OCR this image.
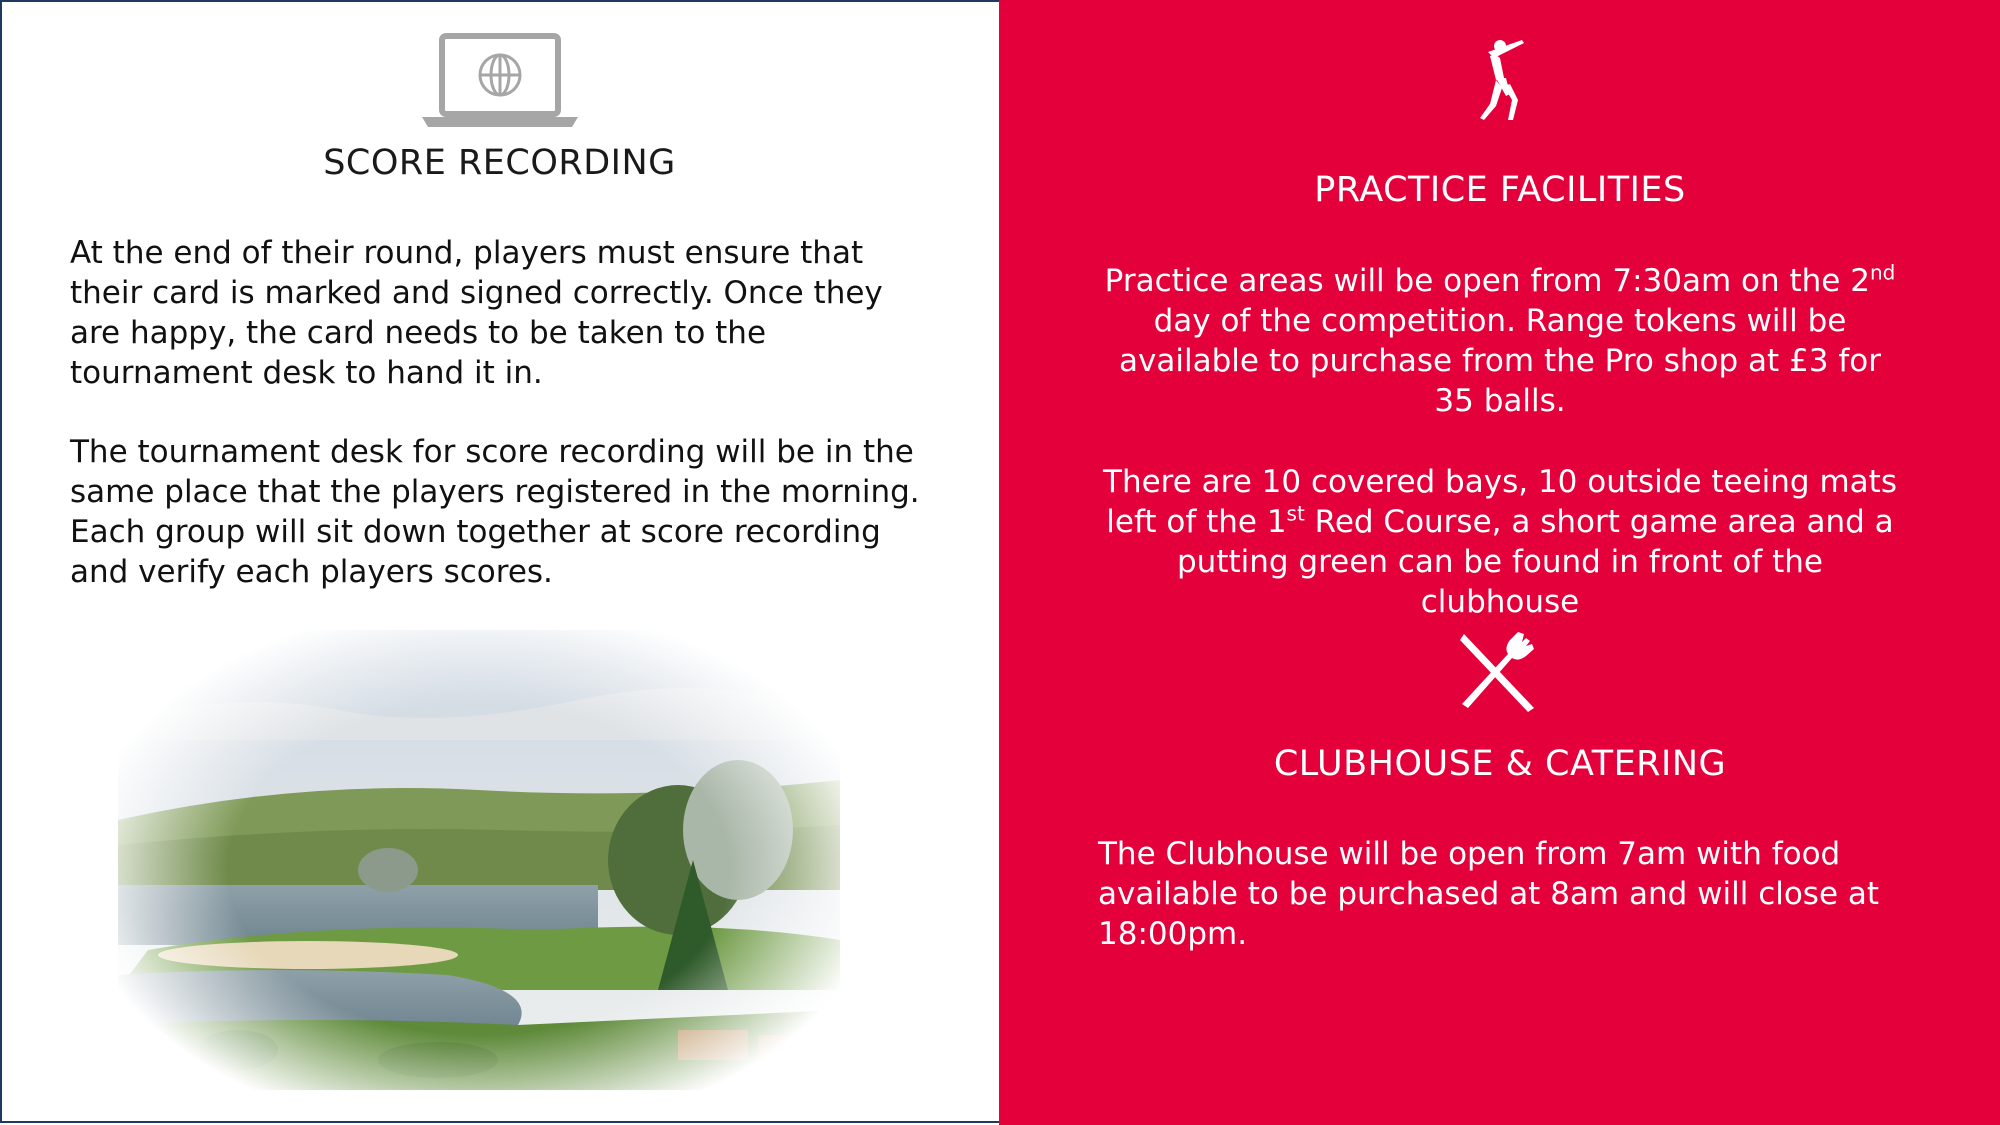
SCORE RECORDING

At the end of their round, players must ensure that their card is marked and signed correctly. Once they are happy, the card needs to be taken to the tournament desk to hand it in.

The tournament desk for score recording will be in the same place that the players registered in the morning. Each group will sit down together at score recording and verify each players scores.

PRACTICE FACILITIES

Practice areas will be open from 7:30am on the 2nd day of the competition. Range tokens will be available to purchase from the Pro shop at £3 for 35 balls.

There are 10 covered bays, 10 outside teeing mats left of the 1st Red Course, a short game area and a putting green can be found in front of the clubhouse

CLUBHOUSE & CATERING

The Clubhouse will be open from 7am with food available to be purchased at 8am and will close at 18:00pm.
